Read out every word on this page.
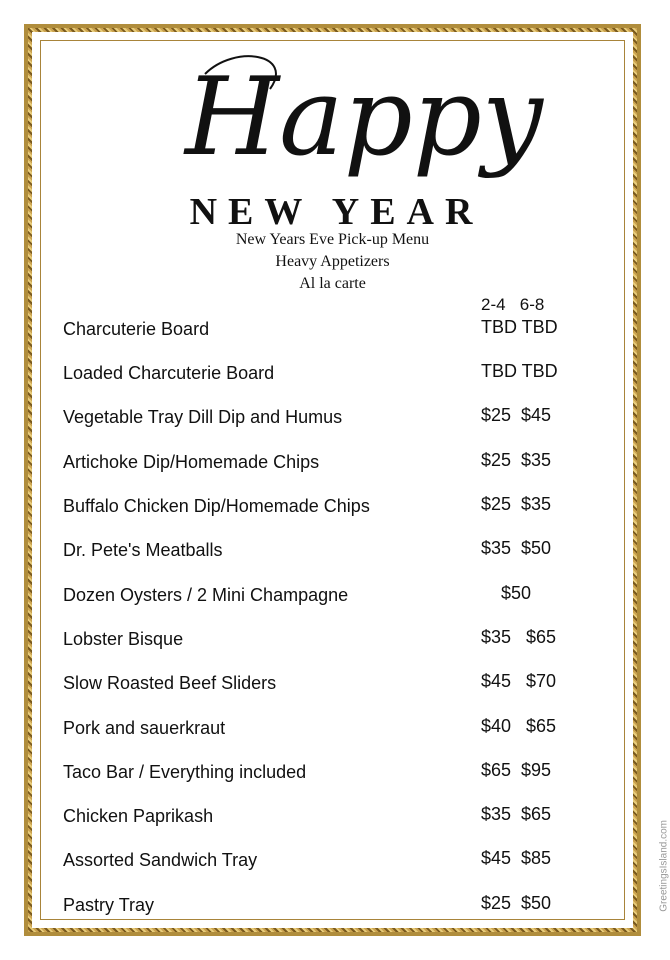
Happy
NEW YEAR
New Years Eve Pick-up Menu
Heavy Appetizers
Al la carte
2-4 6-8
Charcuterie Board	TBD TBD
Loaded Charcuterie Board	TBD TBD
Vegetable Tray Dill Dip and Humus	$25  $45
Artichoke Dip/Homemade Chips	$25  $35
Buffalo Chicken Dip/Homemade Chips	$25  $35
Dr. Pete's Meatballs	$35  $50
Dozen Oysters / 2 Mini Champagne	$50
Lobster Bisque	$35   $65
Slow Roasted Beef Sliders	$45   $70
Pork and sauerkraut	$40   $65
Taco Bar / Everything included	$65  $95
Chicken Paprikash	$35  $65
Assorted Sandwich Tray	$45  $85
Pastry Tray	$25  $50	GreetingsIsland.com
